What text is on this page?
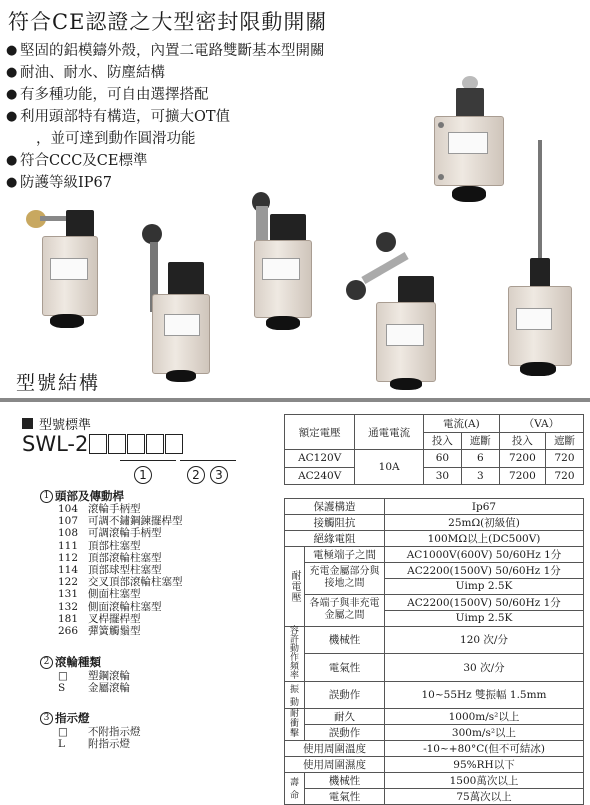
符合CE認證之大型密封限動開關
● 堅固的鋁模鑄外殼，內置二電路雙斷基本型開關
● 耐油、耐水、防塵結構
● 有多種功能，可自由選擇搭配
● 利用頭部特有構造，可擴大OT值
，並可達到動作圓滑功能
● 符合CCC及CE標準
● 防護等級IP67
型號結構
型號標準
SWL-2
1	2	3
1 頭部及傳動桿
104 滾輪手柄型
107 可調不鏽鋼鍊擺桿型
108 可調滾輪手柄型
111 頂部柱塞型
112 頂部滾輪柱塞型
114 頂部球型柱塞型
122 交叉頂部滾輪柱塞型
131 側面柱塞型
132 側面滾輪柱塞型
181 叉桿擺桿型
266 彈簧觸鬚型
2 滾輪種類
□	塑鋼滾輪
S	金屬滾輪
3 指示燈
□	不附指示燈
L	附指示燈
額定電壓	通電電流	電流(A)		（VA）	
		投入	遮斷	投入	遮斷
AC120V	10A	60	6	7200	720
AC240V		30	3	7200	720
保護構造		Ip67
接觸阻抗		25mΩ(初級值)
絕緣電阻		100MΩ以上(DC500V)
耐電壓	電極端子之間	AC1000V(600V) 50/60Hz 1分
	充電金屬部分與接地之間	AC2200(1500V) 50/60Hz 1分
		Uimp 2.5K
	各端子與非充電金屬之間	AC2200(1500V) 50/60Hz 1分
		Uimp 2.5K
容許動作頻率	機械性	120 次/分
	電氣性	30 次/分
振動	誤動作	10~55Hz 雙振幅 1.5mm
耐衝擊	耐久	1000m/s²以上
	誤動作	300m/s²以上
使用周圍溫度		-10~+80°C(但不可結冰)
使用周圍濕度		95%RH以下
壽命	機械性	1500萬次以上
	電氣性	75萬次以上
